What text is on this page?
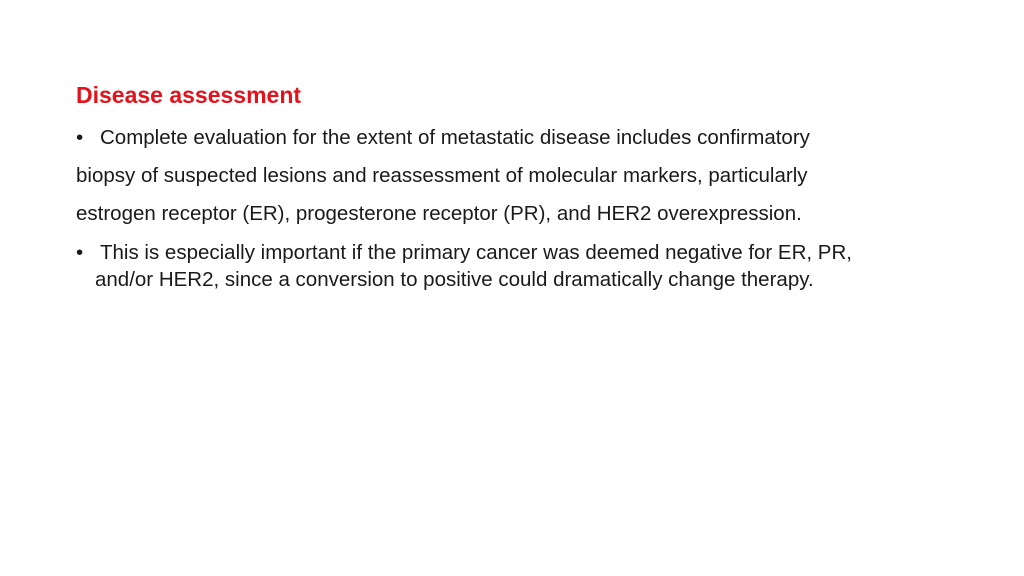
Disease assessment
• Complete evaluation for the extent of metastatic disease includes confirmatory
biopsy of suspected lesions and reassessment of molecular markers, particularly
estrogen receptor (ER), progesterone receptor (PR), and HER2 overexpression.
• This is especially important if the primary cancer was deemed negative for ER, PR,
and/or HER2, since a conversion to positive could dramatically change therapy.
